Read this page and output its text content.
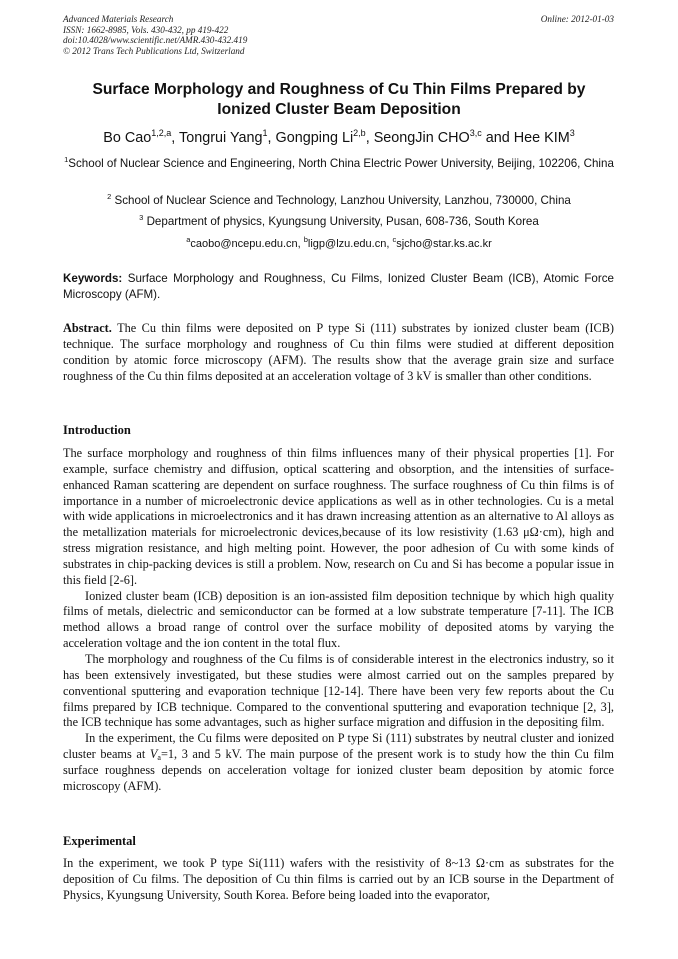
Advanced Materials Research
ISSN: 1662-8985, Vols. 430-432, pp 419-422
doi:10.4028/www.scientific.net/AMR.430-432.419
© 2012 Trans Tech Publications Ltd, Switzerland
Online: 2012-01-03
Surface Morphology and Roughness of Cu Thin Films Prepared by
Ionized Cluster Beam Deposition
Bo Cao$^{1,2,a}$, Tongrui Yang$^1$, Gongping Li$^{2,b}$, SeongJin CHO$^{3,c}$ and Hee KIM$^3$
$^1$School of Nuclear Science and Engineering, North China Electric Power University, Beijing, 102206, China
$^2$ School of Nuclear Science and Technology, Lanzhou University, Lanzhou, 730000, China
$^3$ Department of physics, Kyungsung University, Pusan, 608-736, South Korea
$^a$caobo@ncepu.edu.cn, $^b$ligp@lzu.edu.cn, $^c$sjcho@star.ks.ac.kr
Keywords: Surface Morphology and Roughness, Cu Films, Ionized Cluster Beam (ICB), Atomic Force Microscopy (AFM).

Abstract. The Cu thin films were deposited on P type Si (111) substrates by ionized cluster beam (ICB) technique. The surface morphology and roughness of Cu thin films were studied at different deposition condition by atomic force microscopy (AFM). The results show that the average grain size and surface roughness of the Cu thin films deposited at an acceleration voltage of 3 kV is smaller than other conditions.

Introduction

The surface morphology and roughness of thin films influences many of their physical properties [1]. For example, surface chemistry and diffusion, optical scattering and obsorption, and the intensities of surface-enhanced Raman scattering are dependent on surface roughness. The surface roughness of Cu thin films is of importance in a number of microelectronic device applications as well as in other technologies. Cu is a metal with wide applications in microelectronics and it has drawn increasing attention as an alternative to Al alloys as the metallization materials for microelectronic devices,because of its low resistivity (1.63 μΩ·cm), high and stress migration resistance, and high melting point. However, the poor adhesion of Cu with some kinds of substrates in chip-packing devices is still a problem. Now, research on Cu and Si has become a popular issue in this field [2-6].

Ionized cluster beam (ICB) deposition is an ion-assisted film deposition technique by which high quality films of metals, dielectric and semiconductor can be formed at a low substrate temperature [7-11]. The ICB method allows a broad range of control over the surface mobility of deposited atoms by varying the acceleration voltage and the ion content in the total flux.

The morphology and roughness of the Cu films is of considerable interest in the electronics industry, so it has been extensively investigated, but these studies were almost carried out on the samples prepared by conventional sputtering and evaporation technique [12-14]. There have been very few reports about the Cu films prepared by ICB technique. Compared to the conventional sputtering and evaporation technique [2, 3], the ICB technique has some advantages, such as higher surface migration and diffusion in the depositing film.

In the experiment, the Cu films were deposited on P type Si (111) substrates by neutral cluster and ionized cluster beams at $V_a=1$, 3 and 5 kV. The main purpose of the present work is to study how the thin Cu film surface roughness depends on acceleration voltage for ionized cluster beam deposition by atomic force microscopy (AFM).

Experimental

In the experiment, we took P type Si(111) wafers with the resistivity of 8~13 Ω·cm as substrates for the deposition of Cu films. The deposition of Cu thin films is carried out by an ICB sourse in the Department of Physics, Kyungsung University, South Korea. Before being loaded into the evaporator,
